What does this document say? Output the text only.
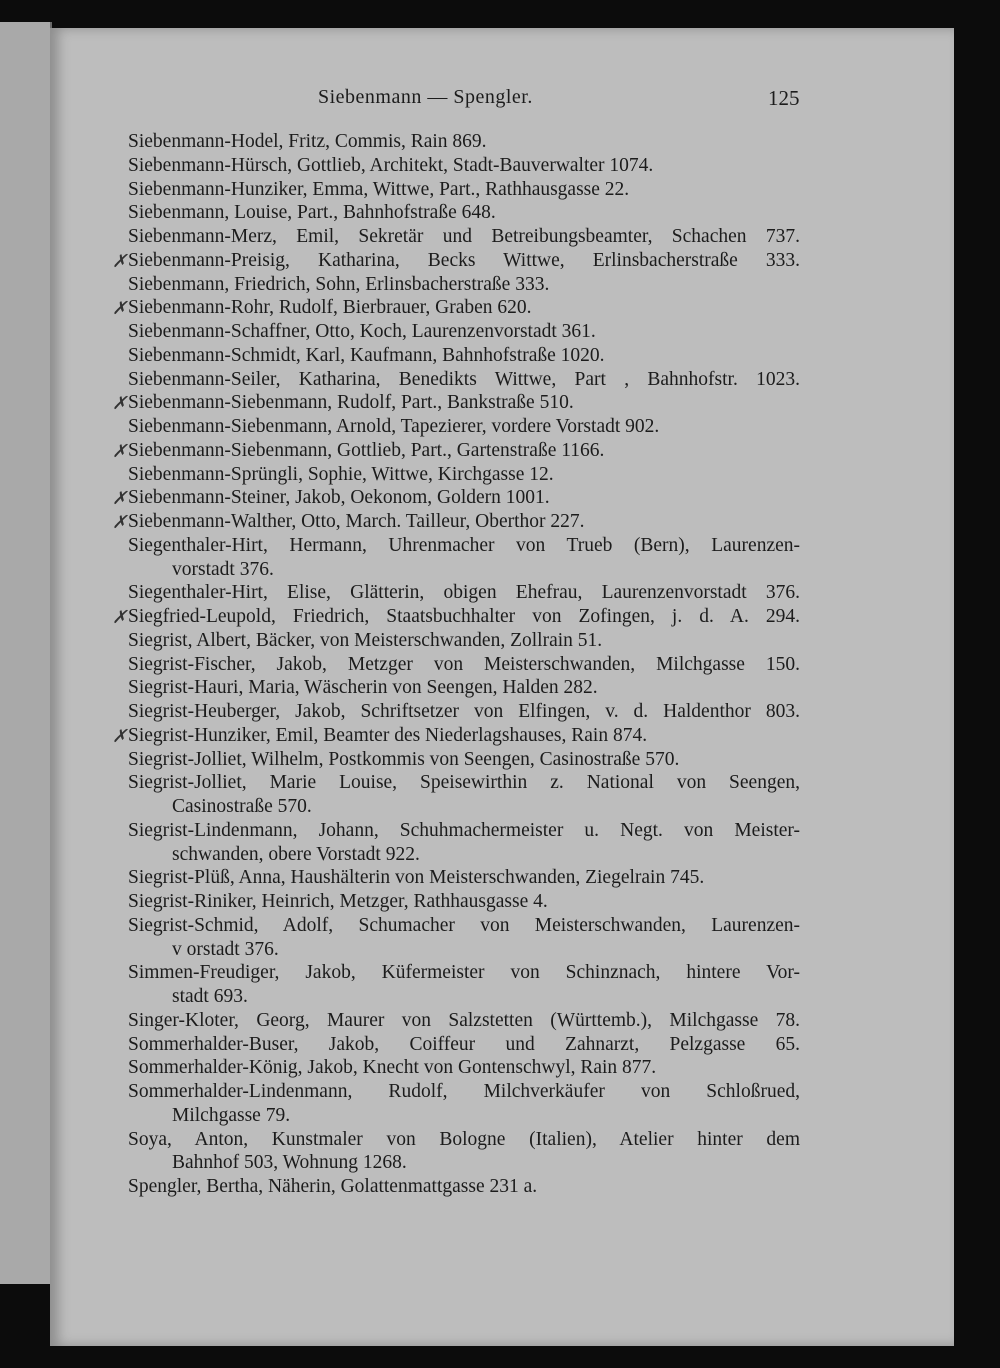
Siebenmann — Spengler.	125
Siebenmann-Hodel, Fritz, Commis, Rain 869.
Siebenmann-Hürsch, Gottlieb, Architekt, Stadt-Bauverwalter 1074.
Siebenmann-Hunziker, Emma, Wittwe, Part., Rathhausgasse 22.
Siebenmann, Louise, Part., Bahnhofstraße 648.
Siebenmann-Merz, Emil, Sekretär und Betreibungsbeamter, Schachen 737.
✗ Siebenmann-Preisig, Katharina, Becks Wittwe, Erlinsbacherstraße 333.
Siebenmann, Friedrich, Sohn, Erlinsbacherstraße 333.
✗ Siebenmann-Rohr, Rudolf, Bierbrauer, Graben 620.
Siebenmann-Schaffner, Otto, Koch, Laurenzenvorstadt 361.
Siebenmann-Schmidt, Karl, Kaufmann, Bahnhofstraße 1020.
Siebenmann-Seiler, Katharina, Benedikts Wittwe, Part , Bahnhofstr. 1023.
✗ Siebenmann-Siebenmann, Rudolf, Part., Bankstraße 510.
Siebenmann-Siebenmann, Arnold, Tapezierer, vordere Vorstadt 902.
✗ Siebenmann-Siebenmann, Gottlieb, Part., Gartenstraße 1166.
Siebenmann-Sprüngli, Sophie, Wittwe, Kirchgasse 12.
✗ Siebenmann-Steiner, Jakob, Oekonom, Goldern 1001.
✗ Siebenmann-Walther, Otto, March. Tailleur, Oberthor 227.
Siegenthaler-Hirt, Hermann, Uhrenmacher von Trueb (Bern), Laurenzen-
vorstadt 376.
Siegenthaler-Hirt, Elise, Glätterin, obigen Ehefrau, Laurenzenvorstadt 376.
✗ Siegfried-Leupold, Friedrich, Staatsbuchhalter von Zofingen, j. d. A. 294.
Siegrist, Albert, Bäcker, von Meisterschwanden, Zollrain 51.
Siegrist-Fischer, Jakob, Metzger von Meisterschwanden, Milchgasse 150.
Siegrist-Hauri, Maria, Wäscherin von Seengen, Halden 282.
Siegrist-Heuberger, Jakob, Schriftsetzer von Elfingen, v. d. Haldenthor 803.
✗ Siegrist-Hunziker, Emil, Beamter des Niederlagshauses, Rain 874.
Siegrist-Jolliet, Wilhelm, Postkommis von Seengen, Casinostraße 570.
Siegrist-Jolliet, Marie Louise, Speisewirthin z. National von Seengen,
Casinostraße 570.
Siegrist-Lindenmann, Johann, Schuhmachermeister u. Negt. von Meister-
schwanden, obere Vorstadt 922.
Siegrist-Plüß, Anna, Haushälterin von Meisterschwanden, Ziegelrain 745.
Siegrist-Riniker, Heinrich, Metzger, Rathhausgasse 4.
Siegrist-Schmid, Adolf, Schumacher von Meisterschwanden, Laurenzen-
v orstadt 376.
Simmen-Freudiger, Jakob, Küfermeister von Schinznach, hintere Vor-
stadt 693.
Singer-Kloter, Georg, Maurer von Salzstetten (Württemb.), Milchgasse 78.
Sommerhalder-Buser, Jakob, Coiffeur und Zahnarzt, Pelzgasse 65.
Sommerhalder-König, Jakob, Knecht von Gontenschwyl, Rain 877.
Sommerhalder-Lindenmann, Rudolf, Milchverkäufer von Schloßrued,
Milchgasse 79.
Soya, Anton, Kunstmaler von Bologne (Italien), Atelier hinter dem
Bahnhof 503, Wohnung 1268.
Spengler, Bertha, Näherin, Golattenmattgasse 231 a.
